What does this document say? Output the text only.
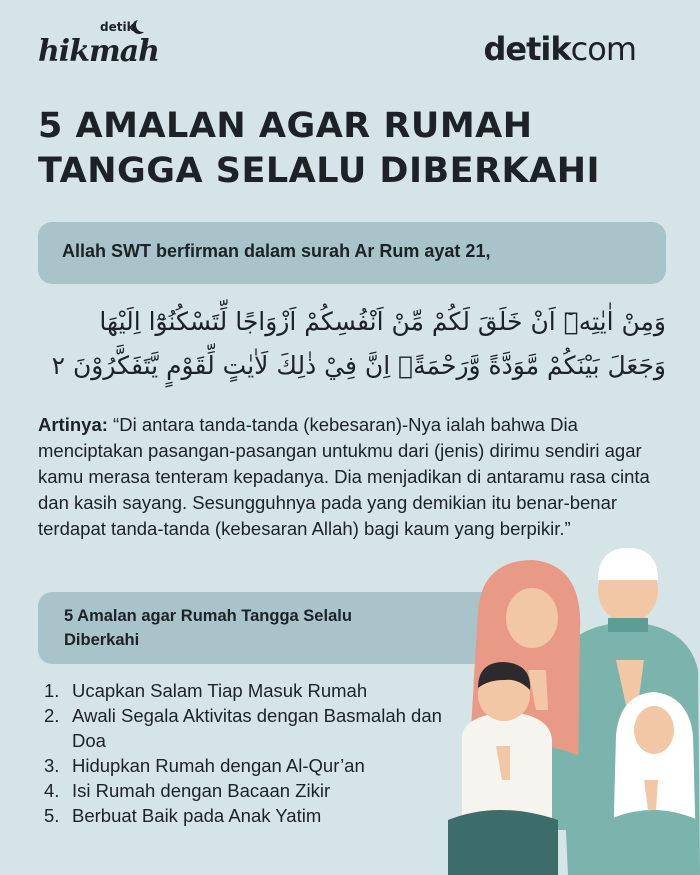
detik
hikmah	detikcom
5 AMALAN AGAR RUMAH TANGGA SELALU DIBERKAHI
Allah SWT berfirman dalam surah Ar Rum ayat 21,
وَمِنْ اٰيٰتِهٖٓ اَنْ خَلَقَ لَكُمْ مِّنْ اَنْفُسِكُمْ اَزْوَاجًا لِّتَسْكُنُوْٓا اِلَيْهَا وَجَعَلَ بَيْنَكُمْ مَّوَدَّةً وَّرَحْمَةًۗ اِنَّ فِيْ ذٰلِكَ لَاٰيٰتٍ لِّقَوْمٍ يَّتَفَكَّرُوْنَ ٢

Artinya: “Di antara tanda-tanda (kebesaran)-Nya ialah bahwa Dia menciptakan pasangan-pasangan untukmu dari (jenis) dirimu sendiri agar kamu merasa tenteram kepadanya. Dia menjadikan di antaramu rasa cinta dan kasih sayang. Sesungguhnya pada yang demikian itu benar-benar terdapat tanda-tanda (kebesaran Allah) bagi kaum yang berpikir.”

5 Amalan agar Rumah Tangga Selalu Diberkahi
1. Ucapkan Salam Tiap Masuk Rumah
2. Awali Segala Aktivitas dengan Basmalah dan Doa
3. Hidupkan Rumah dengan Al-Qur’an
4. Isi Rumah dengan Bacaan Zikir
5. Berbuat Baik pada Anak Yatim
